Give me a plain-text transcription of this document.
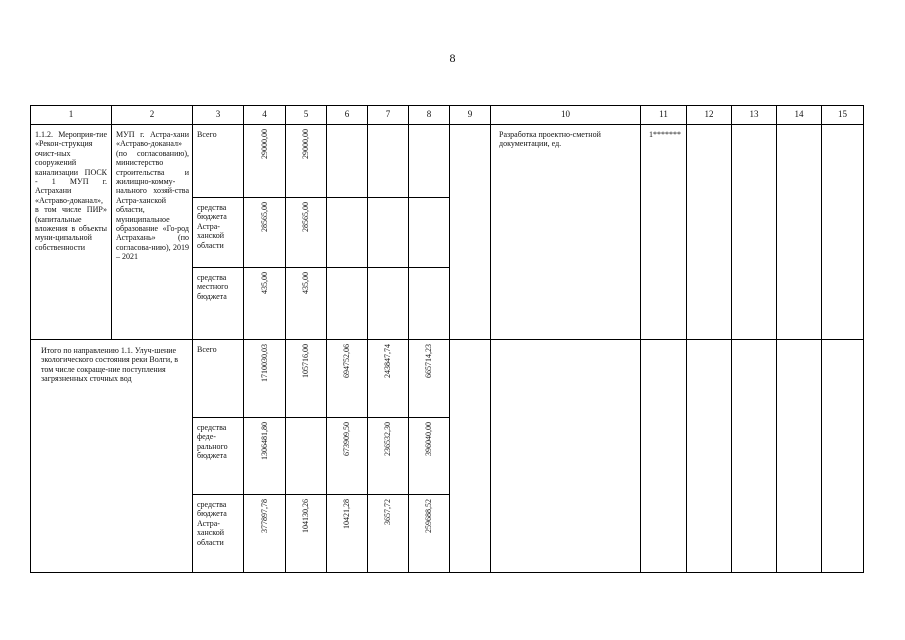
8
1	2	3	4	5	6	7	8	9	10	11	12	13	14	15
1.1.2. Мероприя-тие «Рекон-струкция очист-ных сооружений канализации ПОСК - 1 МУП г. Астрахани «Астраво-доканал», в том числе ПИР» (капитальные вложения в объекты муни-ципальной собственности	МУП г. Астра-хани «Астраво-доканал» (по согласованию), министерство строительства и жилищно-комму-нального хозяй-ства Астра-ханской области, муниципальное образование «Го-род Астрахань» (по согласова-нию), 2019 – 2021	Всего	29000,00	29000,00					Разработка проектно-сметной документации, ед.	1*******				
		средства бюджета Астра-ханской области	28565,00	28565,00										

		средства местного бюджета	435,00	435,00										

Итого по направлению 1.1. Улуч-шение экологического состояния реки Волги, в том числе сокраще-ние поступления загрязненных сточных вод		Всего	1710030,03	105716,00	694752,06	243847,74	665714,23							

		средства феде-рального бюджета	1306481,80		673909,50	236532,30	396040,00							

		средства бюджета Астра-ханской области	377897,78	104130,26	10421,28	3657,72	259688,52							
